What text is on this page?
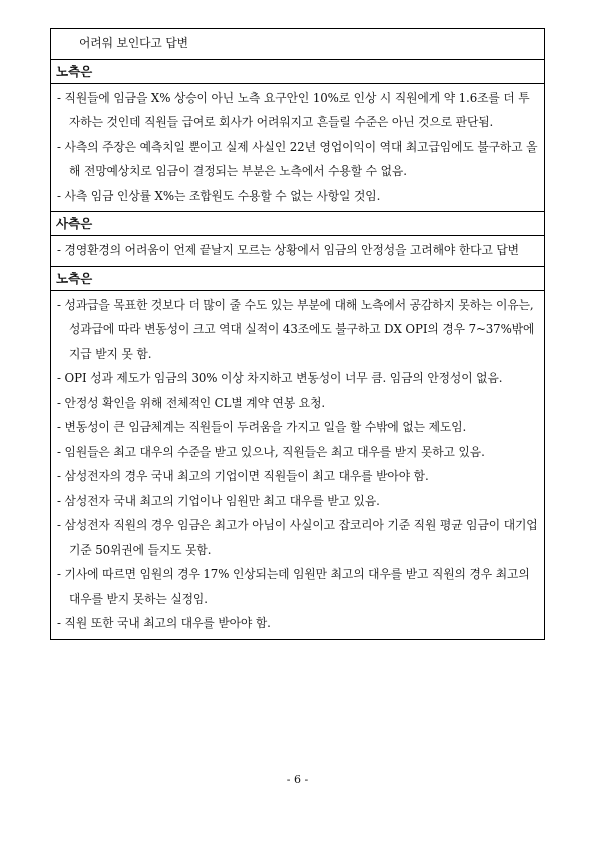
어려워 보인다고 답변
노측은
- 직원들에 임금을 X% 상승이 아닌 노측 요구안인 10%로 인상 시 직원에게 약 1.6조를 더 투자하는 것인데 직원들 급여로 회사가 어려워지고 흔들릴 수준은 아닌 것으로 판단됨.
- 사측의 주장은 예측치일 뿐이고 실제 사실인 22년 영업이익이 역대 최고급임에도 불구하고 올해 전망예상치로 임금이 결정되는 부분은 노측에서 수용할 수 없음.
- 사측 임금 인상률 X%는 조합원도 수용할 수 없는 사항일 것임.
사측은
- 경영환경의 어려움이 언제 끝날지 모르는 상황에서 임금의 안정성을 고려해야 한다고 답변
노측은
- 성과급을 목표한 것보다 더 많이 줄 수도 있는 부분에 대해 노측에서 공감하지 못하는 이유는, 성과급에 따라 변동성이 크고 역대 실적이 43조에도 불구하고 DX OPI의 경우 7~37%밖에 지급 받지 못 함.
- OPI 성과 제도가 임금의 30% 이상 차지하고 변동성이 너무 큼. 임금의 안정성이 없음.
- 안정성 확인을 위해 전체적인 CL별 계약 연봉 요청.
- 변동성이 큰 임금체계는 직원들이 두려움을 가지고 일을 할 수밖에 없는 제도임.
- 임원들은 최고 대우의 수준을 받고 있으나, 직원들은 최고 대우를 받지 못하고 있음.
- 삼성전자의 경우 국내 최고의 기업이면 직원들이 최고 대우를 받아야 함.
- 삼성전자 국내 최고의 기업이나 임원만 최고 대우를 받고 있음.
- 삼성전자 직원의 경우 임금은 최고가 아님이 사실이고 잡코리아 기준 직원 평균 임금이 대기업 기준 50위권에 들지도 못함.
- 기사에 따르면 임원의 경우 17% 인상되는데 임원만 최고의 대우를 받고 직원의 경우 최고의 대우를 받지 못하는 실정임.
- 직원 또한 국내 최고의 대우를 받아야 함.
- 6 -
